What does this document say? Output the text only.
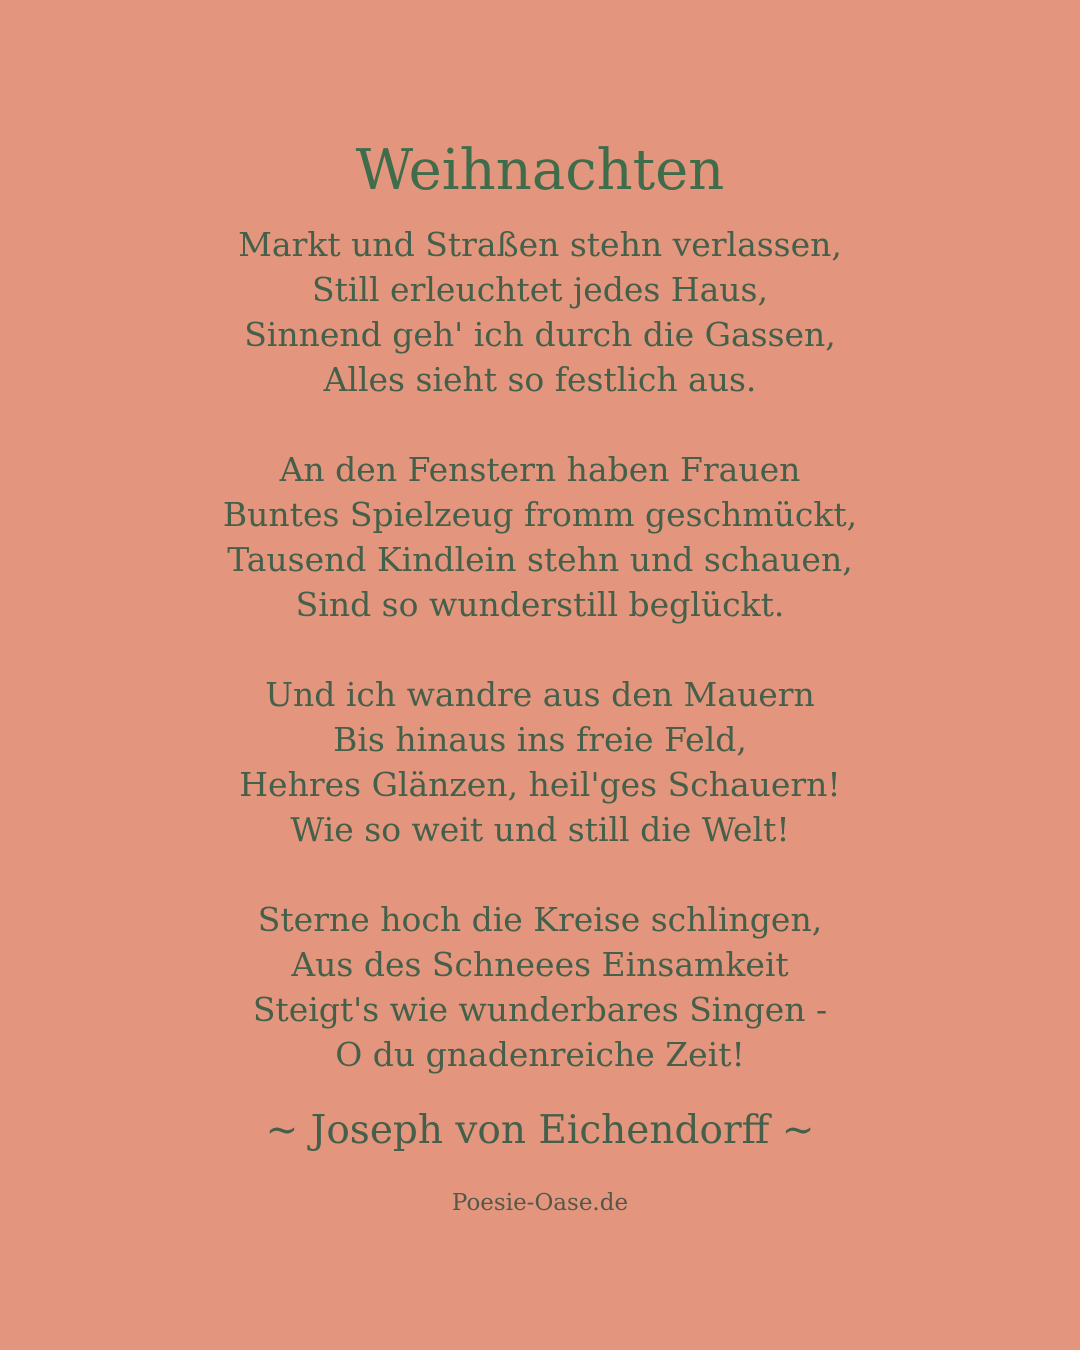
Weihnachten
Markt und Straßen stehn verlassen,
Still erleuchtet jedes Haus,
Sinnend geh' ich durch die Gassen,
Alles sieht so festlich aus.
An den Fenstern haben Frauen
Buntes Spielzeug fromm geschmückt,
Tausend Kindlein stehn und schauen,
Sind so wunderstill beglückt.
Und ich wandre aus den Mauern
Bis hinaus ins freie Feld,
Hehres Glänzen, heil'ges Schauern!
Wie so weit und still die Welt!
Sterne hoch die Kreise schlingen,
Aus des Schneees Einsamkeit
Steigt's wie wunderbares Singen -
O du gnadenreiche Zeit!
~ Joseph von Eichendorff ~
Poesie-Oase.de
